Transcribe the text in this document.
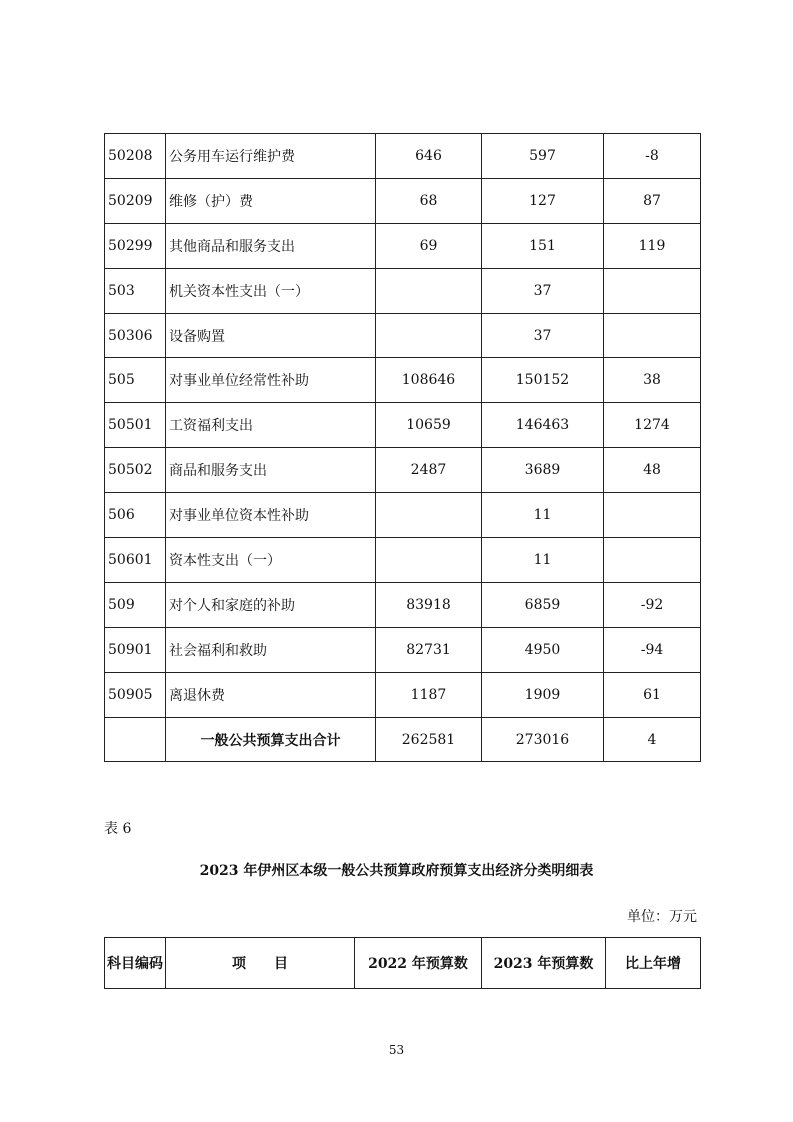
50208	公务用车运行维护费	646	597	-8
50209	维修（护）费	68	127	87
50299	其他商品和服务支出	69	151	119
503	机关资本性支出（一）		37	
50306	设备购置		37	
505	对事业单位经常性补助	108646	150152	38
50501	工资福利支出	10659	146463	1274
50502	商品和服务支出	2487	3689	48
506	对事业单位资本性补助		11	
50601	资本性支出（一）		11	
509	对个人和家庭的补助	83918	6859	-92
50901	社会福利和救助	82731	4950	-94
50905	离退休费	1187	1909	61
	一般公共预算支出合计	262581	273016	4
表 6
2023 年伊州区本级一般公共预算政府预算支出经济分类明细表
单位：万元
科目编码	项　　目	2022 年预算数	2023 年预算数	比上年增
53
